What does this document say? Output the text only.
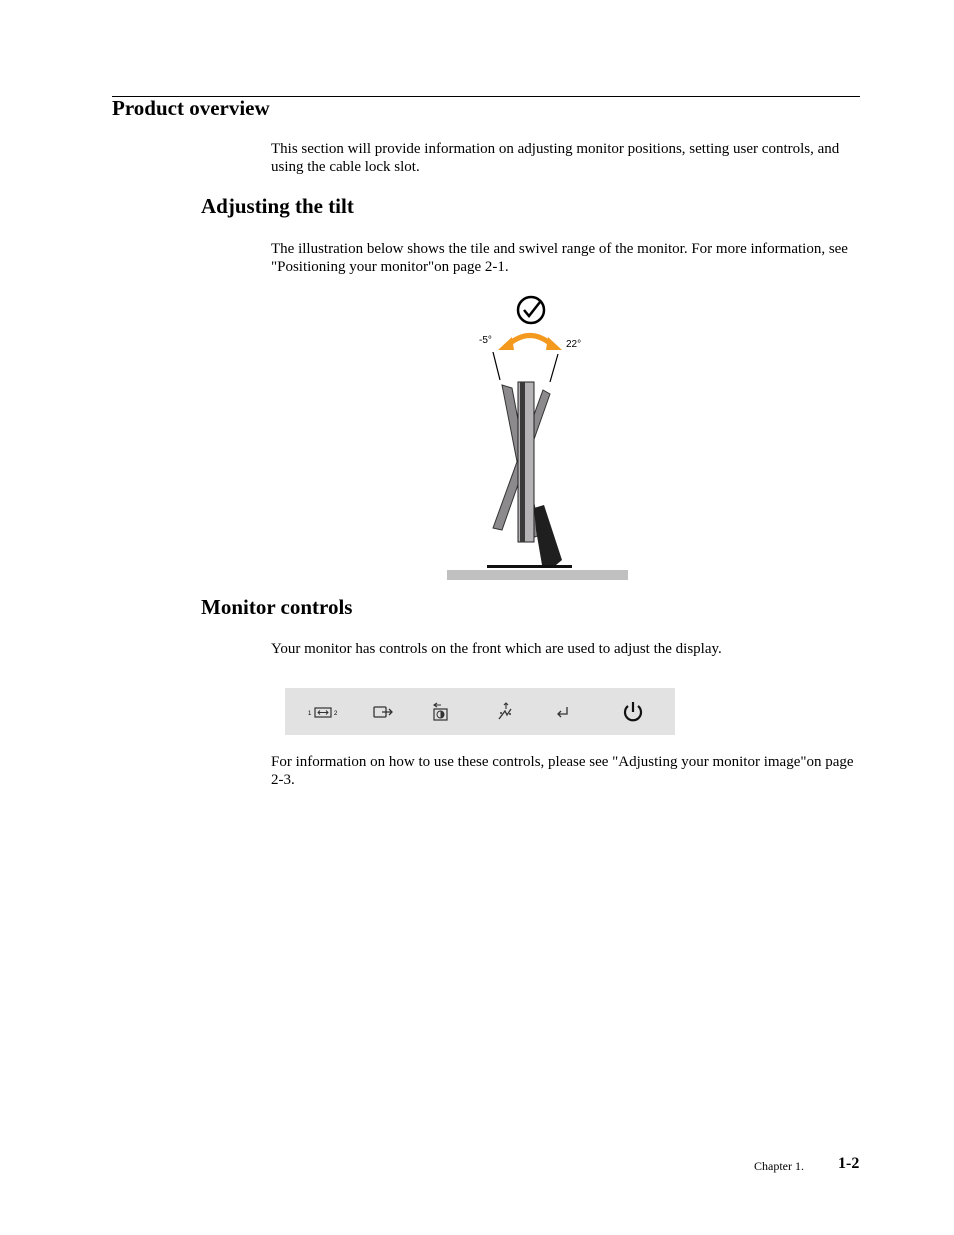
Product overview

This section will provide information on adjusting monitor positions, setting user controls, and using the cable lock slot.

Adjusting the tilt

The illustration below shows the tile and swivel range of the monitor. For more information, see "Positioning your monitor"on page 2-1.

-5°	22°
Monitor controls

Your monitor has controls on the front which are used to adjust the display.

1	2

For information on how to use these controls, please see "Adjusting your monitor image"on page 2-3.

Chapter 1. 1-2
